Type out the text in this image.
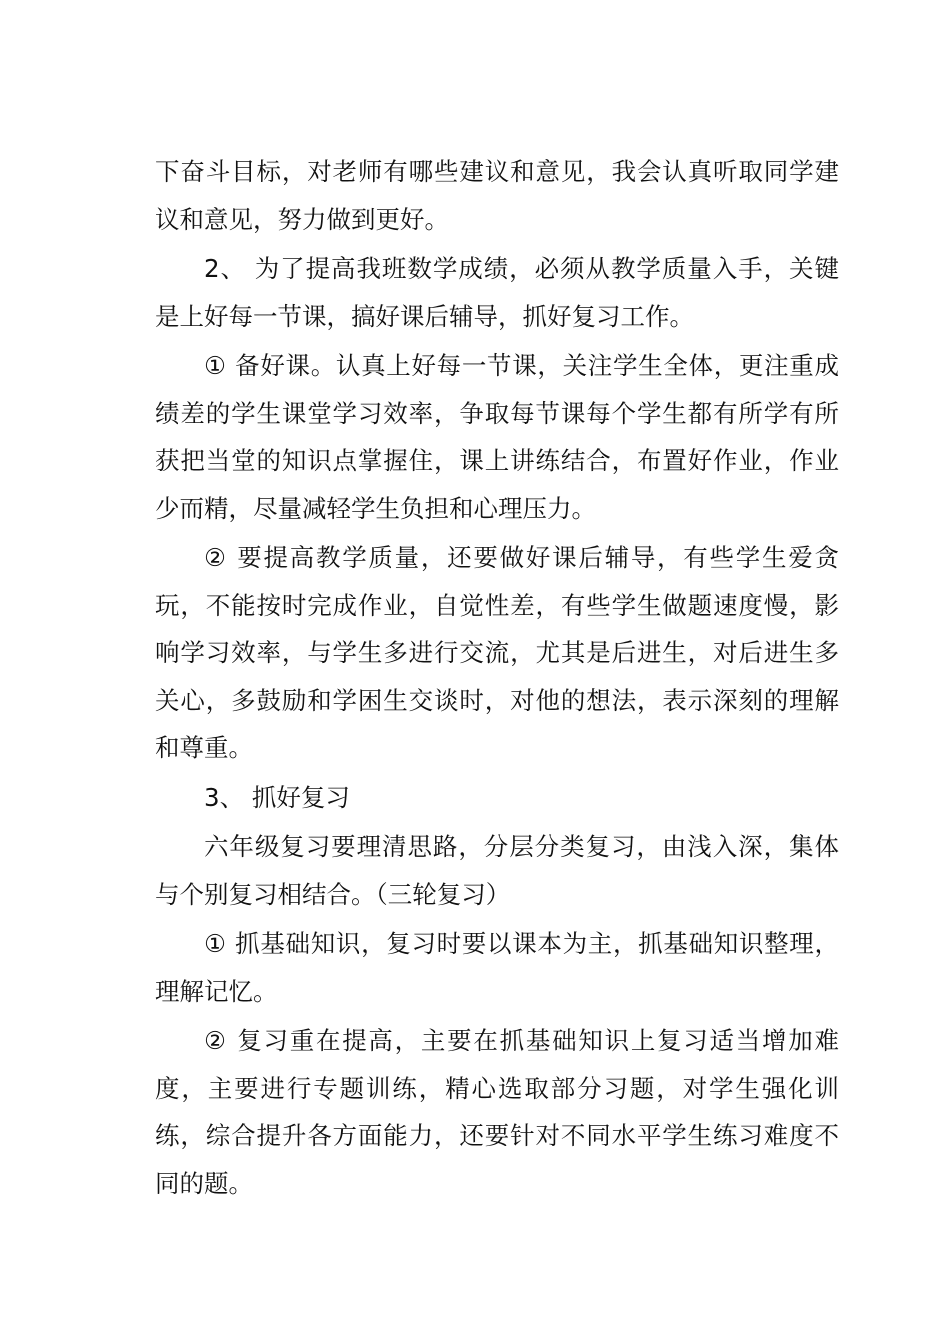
下奋斗目标，对老师有哪些建议和意见，我会认真听取同学建议和意见，努力做到更好。

2、 为了提高我班数学成绩，必须从教学质量入手，关键是上好每一节课，搞好课后辅导，抓好复习工作。

① 备好课。认真上好每一节课，关注学生全体，更注重成绩差的学生课堂学习效率，争取每节课每个学生都有所学有所获把当堂的知识点掌握住，课上讲练结合，布置好作业，作业少而精，尽量减轻学生负担和心理压力。

② 要提高教学质量，还要做好课后辅导，有些学生爱贪玩，不能按时完成作业，自觉性差，有些学生做题速度慢，影响学习效率，与学生多进行交流，尤其是后进生，对后进生多关心，多鼓励和学困生交谈时，对他的想法，表示深刻的理解和尊重。

3、 抓好复习

六年级复习要理清思路，分层分类复习，由浅入深，集体与个别复习相结合。（三轮复习）

① 抓基础知识，复习时要以课本为主，抓基础知识整理，理解记忆。

② 复习重在提高，主要在抓基础知识上复习适当增加难度，主要进行专题训练，精心选取部分习题，对学生强化训练，综合提升各方面能力，还要针对不同水平学生练习难度不同的题。
